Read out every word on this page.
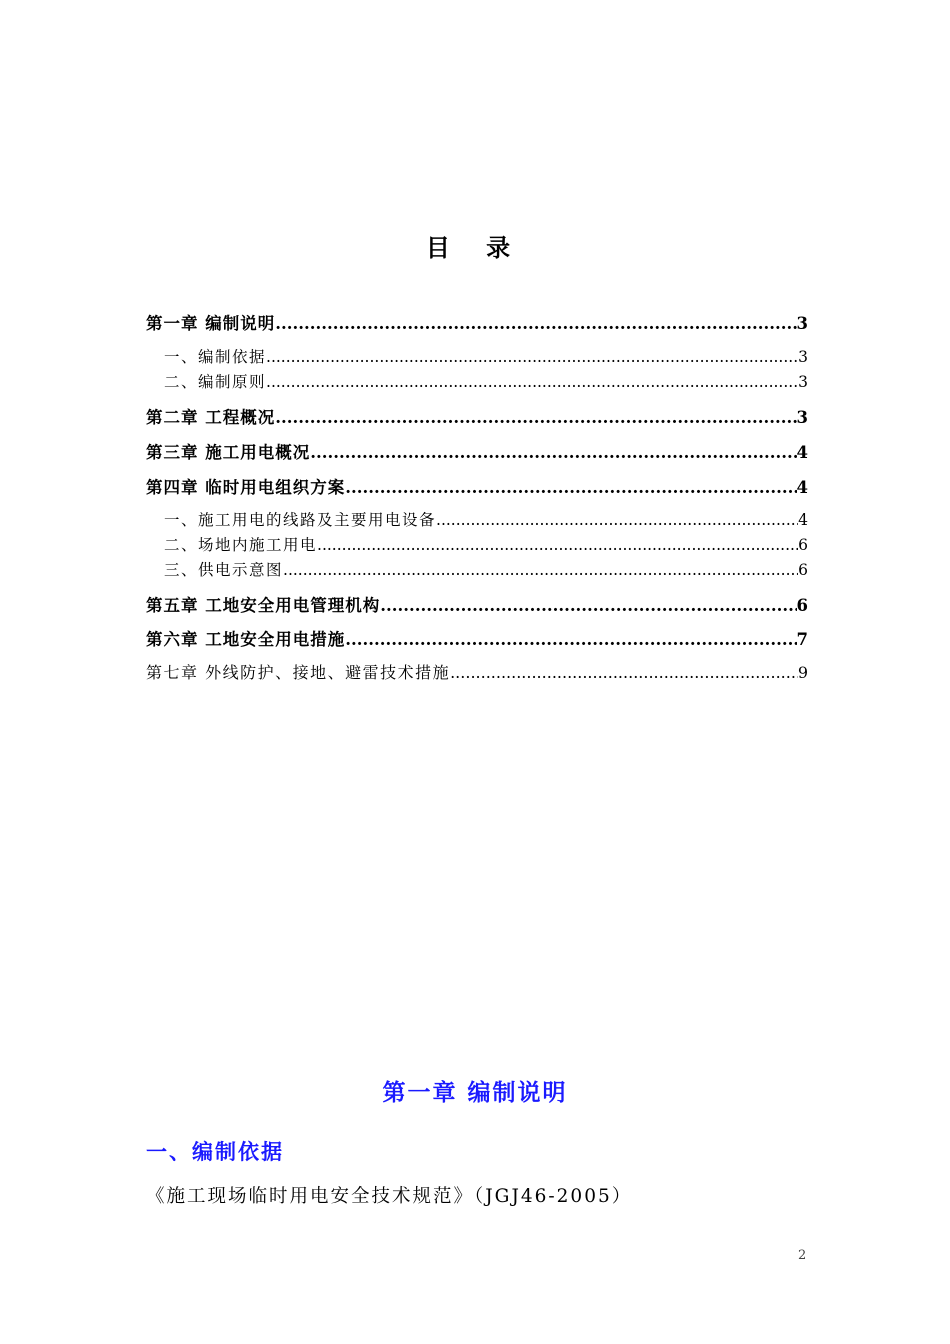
目 录
第一章 编制说明 .....	3
一、编制依据 .....	3
二、编制原则 .....	3
第二章 工程概况 .....	3
第三章 施工用电概况 .....	4
第四章 临时用电组织方案 .....	4
一、施工用电的线路及主要用电设备 .....	4
二、场地内施工用电 .....	6
三、供电示意图 .....	6
第五章 工地安全用电管理机构 .....	6
第六章 工地安全用电措施 .....	7
第七章 外线防护、接地、避雷技术措施 .....	9
第一章 编制说明
一、编制依据
《施工现场临时用电安全技术规范》（JGJ46-2005）
2
